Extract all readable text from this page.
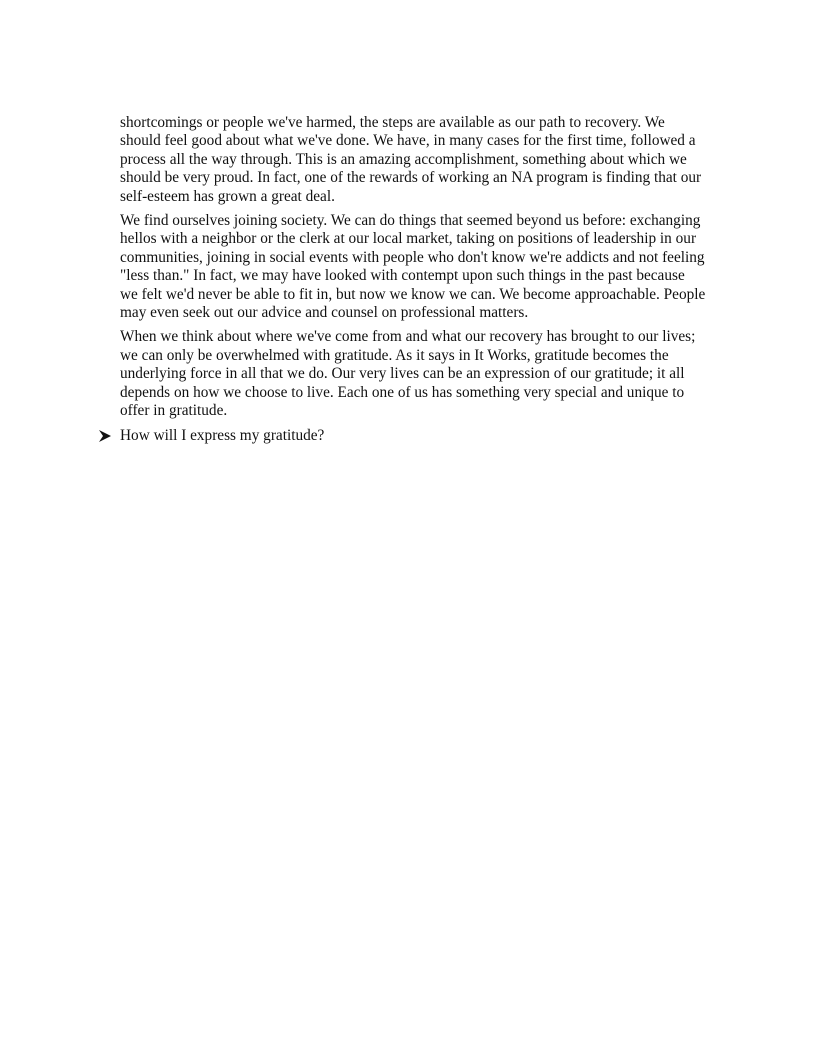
shortcomings or people we've harmed, the steps are available as our path to recovery. We should feel good about what we've done. We have, in many cases for the first time, followed a process all the way through. This is an amazing accomplishment, something about which we should be very proud. In fact, one of the rewards of working an NA program is finding that our self-esteem has grown a great deal.

We find ourselves joining society. We can do things that seemed beyond us before: exchanging hellos with a neighbor or the clerk at our local market, taking on positions of leadership in our communities, joining in social events with people who don't know we're addicts and not feeling "less than." In fact, we may have looked with contempt upon such things in the past because we felt we'd never be able to fit in, but now we know we can. We become approachable. People may even seek out our advice and counsel on professional matters.

When we think about where we've come from and what our recovery has brought to our lives; we can only be overwhelmed with gratitude. As it says in It Works, gratitude becomes the underlying force in all that we do. Our very lives can be an expression of our gratitude; it all depends on how we choose to live. Each one of us has something very special and unique to offer in gratitude.

How will I express my gratitude?
